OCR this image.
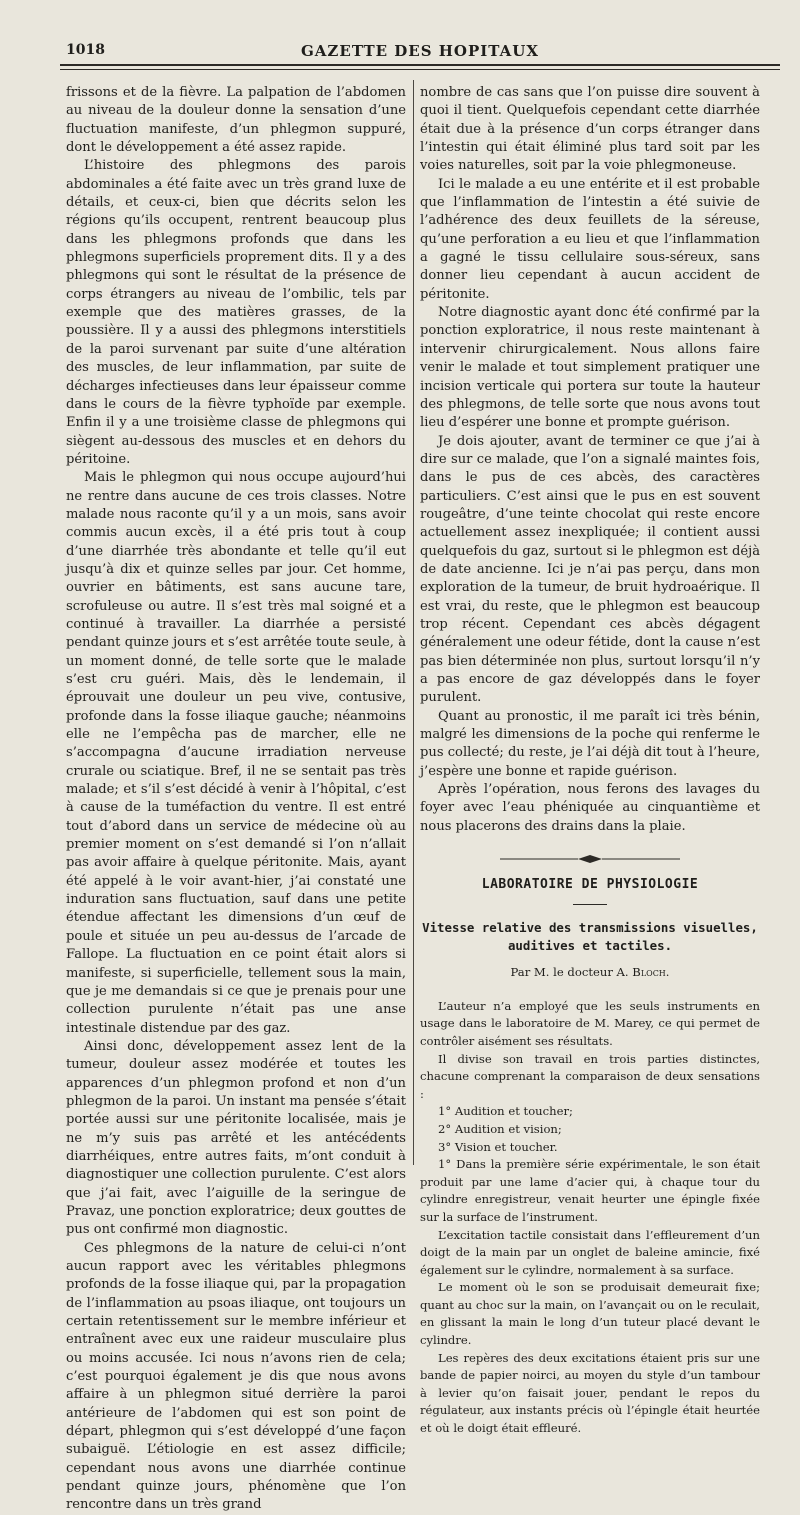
1018	GAZETTE DES HOPITAUX

frissons et de la fièvre. La palpation de l’abdomen au niveau de la douleur donne la sensation d’une fluctuation manifeste, d’un phlegmon suppuré, dont le développement a été assez rapide.

L’histoire des phlegmons des parois abdominales a été faite avec un très grand luxe de détails, et ceux-ci, bien que décrits selon les régions qu’ils occupent, rentrent beaucoup plus dans les phlegmons profonds que dans les phlegmons superficiels proprement dits. Il y a des phlegmons qui sont le résultat de la présence de corps étrangers au niveau de l’ombilic, tels par exemple que des matières grasses, de la poussière. Il y a aussi des phlegmons interstitiels de la paroi survenant par suite d’une altération des muscles, de leur inflammation, par suite de décharges infectieuses dans leur épaisseur comme dans le cours de la fièvre typhoïde par exemple. Enfin il y a une troisième classe de phlegmons qui siègent au-dessous des muscles et en dehors du péritoine.

Mais le phlegmon qui nous occupe aujourd’hui ne rentre dans aucune de ces trois classes. Notre malade nous raconte qu’il y a un mois, sans avoir commis aucun excès, il a été pris tout à coup d’une diarrhée très abondante et telle qu’il eut jusqu’à dix et quinze selles par jour. Cet homme, ouvrier en bâtiments, est sans aucune tare, scrofuleuse ou autre. Il s’est très mal soigné et a continué à travailler. La diarrhée a persisté pendant quinze jours et s’est arrêtée toute seule, à un moment donné, de telle sorte que le malade s’est cru guéri. Mais, dès le lendemain, il éprouvait une douleur un peu vive, contusive, profonde dans la fosse iliaque gauche; néanmoins elle ne l’empêcha pas de marcher, elle ne s’accompagna d’aucune irradiation nerveuse crurale ou sciatique. Bref, il ne se sentait pas très malade; et s’il s’est décidé à venir à l’hôpital, c’est à cause de la tuméfaction du ventre. Il est entré tout d’abord dans un service de médecine où au premier moment on s’est demandé si l’on n’allait pas avoir affaire à quelque péritonite. Mais, ayant été appelé à le voir avant-hier, j’ai constaté une induration sans fluctuation, sauf dans une petite étendue affectant les dimensions d’un œuf de poule et située un peu au-dessus de l’arcade de Fallope. La fluctuation en ce point était alors si manifeste, si superficielle, tellement sous la main, que je me demandais si ce que je prenais pour une collection purulente n’était pas une anse intestinale distendue par des gaz.

Ainsi donc, développement assez lent de la tumeur, douleur assez modérée et toutes les apparences d’un phlegmon profond et non d’un phlegmon de la paroi. Un instant ma pensée s’était portée aussi sur une péritonite localisée, mais je ne m’y suis pas arrêté et les antécédents diarrhéiques, entre autres faits, m’ont conduit à diagnostiquer une collection purulente. C’est alors que j’ai fait, avec l’aiguille de la seringue de Pravaz, une ponction exploratrice; deux gouttes de pus ont confirmé mon diagnostic.

Ces phlegmons de la nature de celui-ci n’ont aucun rapport avec les véritables phlegmons profonds de la fosse iliaque qui, par la propagation de l’inflammation au psoas iliaque, ont toujours un certain retentissement sur le membre inférieur et entraînent avec eux une raideur musculaire plus ou moins accusée. Ici nous n’avons rien de cela; c’est pourquoi également je dis que nous avons affaire à un phlegmon situé derrière la paroi antérieure de l’abdomen qui est son point de départ, phlegmon qui s’est développé d’une façon subaiguë. L’étiologie en est assez difficile; cependant nous avons une diarrhée continue pendant quinze jours, phénomène que l’on rencontre dans un très grand

nombre de cas sans que l’on puisse dire souvent à quoi il tient. Quelquefois cependant cette diarrhée était due à la présence d’un corps étranger dans l’intestin qui était éliminé plus tard soit par les voies naturelles, soit par la voie phlegmoneuse.

Ici le malade a eu une entérite et il est probable que l’inflammation de l’intestin a été suivie de l’adhérence des deux feuillets de la séreuse, qu’une perforation a eu lieu et que l’inflammation a gagné le tissu cellulaire sous-séreux, sans donner lieu cependant à aucun accident de péritonite.

Notre diagnostic ayant donc été confirmé par la ponction exploratrice, il nous reste maintenant à intervenir chirurgicalement. Nous allons faire venir le malade et tout simplement pratiquer une incision verticale qui portera sur toute la hauteur des phlegmons, de telle sorte que nous avons tout lieu d’espérer une bonne et prompte guérison.

Je dois ajouter, avant de terminer ce que j’ai à dire sur ce malade, que l’on a signalé maintes fois, dans le pus de ces abcès, des caractères particuliers. C’est ainsi que le pus en est souvent rougeâtre, d’une teinte chocolat qui reste encore actuellement assez inexpliquée; il contient aussi quelquefois du gaz, surtout si le phlegmon est déjà de date ancienne. Ici je n’ai pas perçu, dans mon exploration de la tumeur, de bruit hydroaérique. Il est vrai, du reste, que le phlegmon est beaucoup trop récent. Cependant ces abcès dégagent généralement une odeur fétide, dont la cause n’est pas bien déterminée non plus, surtout lorsqu’il n’y a pas encore de gaz développés dans le foyer purulent.

Quant au pronostic, il me paraît ici très bénin, malgré les dimensions de la poche qui renferme le pus collecté; du reste, je l’ai déjà dit tout à l’heure, j’espère une bonne et rapide guérison.

Après l’opération, nous ferons des lavages du foyer avec l’eau phéniquée au cinquantième et nous placerons des drains dans la plaie.

LABORATOIRE DE PHYSIOLOGIE
Vitesse relative des transmissions visuelles, auditives et tactiles.
Par M. le docteur A. Bloch.

L’auteur n’a employé que les seuls instruments en usage dans le laboratoire de M. Marey, ce qui permet de contrôler aisément ses résultats.

Il divise son travail en trois parties distinctes, chacune comprenant la comparaison de deux sensations :

1° Audition et toucher;

2° Audition et vision;

3° Vision et toucher.

1° Dans la première série expérimentale, le son était produit par une lame d’acier qui, à chaque tour du cylindre enregistreur, venait heurter une épingle fixée sur la surface de l’instrument.

L’excitation tactile consistait dans l’effleurement d’un doigt de la main par un onglet de baleine amincie, fixé également sur le cylindre, normalement à sa surface.

Le moment où le son se produisait demeurait fixe; quant au choc sur la main, on l’avançait ou on le reculait, en glissant la main le long d’un tuteur placé devant le cylindre.

Les repères des deux excitations étaient pris sur une bande de papier noirci, au moyen du style d’un tambour à levier qu’on faisait jouer, pendant le repos du régulateur, aux instants précis où l’épingle était heurtée et où le doigt était effleuré.
